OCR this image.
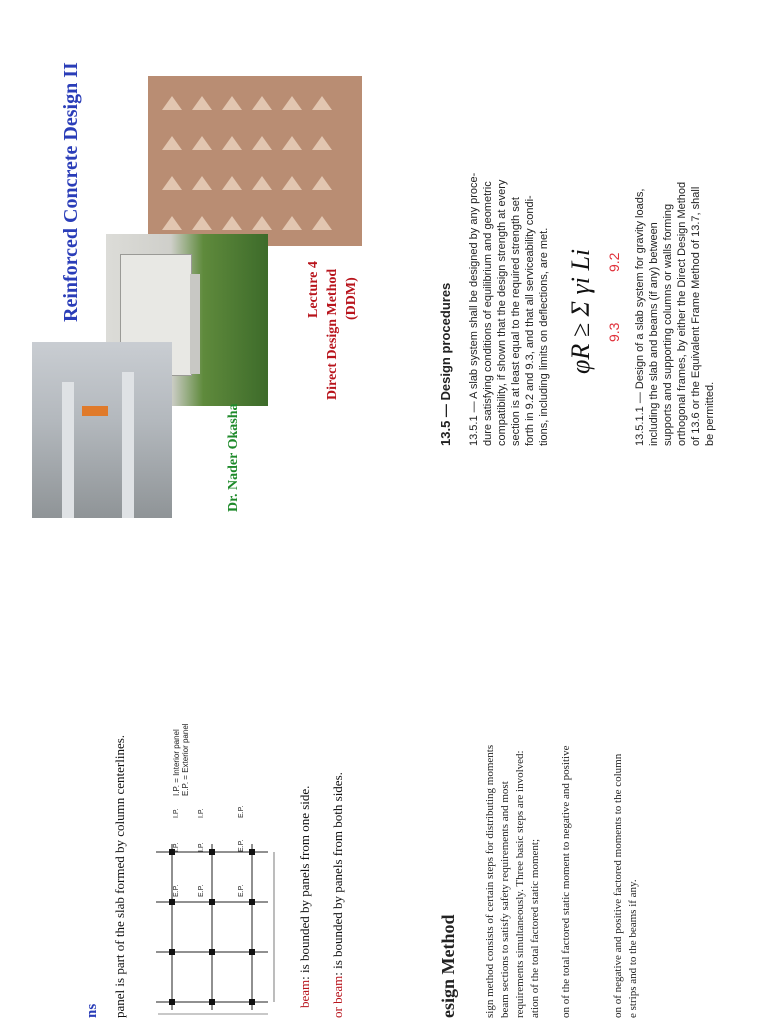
Reinforced Concrete Design II
Dr. Nader Okasha
Lecture 4 Direct Design Method (DDM)	13.5 — Design procedures 13.5.1 — A slab system shall be designed by any proce- dure satisfying conditions of equilibrium and geometric compatibility, if shown that the design strength at every section is at least equal to the required strength set forth in 9.2 and 9.3, and that all serviceability condi- tions, including limits on deflections, are met. φR ≥ Σ γi Li 9.3
9.2 13.5.1.1 — Design of a slab system for gravity loads, including the slab and beams (if any) between supports and supporting columns or walls forming orthogonal frames, by either the Direct Design Method of 13.6 or the Equivalent Frame Method of 13.7, shall be permitted.
ns panel is part of the slab formed by column centerlines.	E.P.
I.P.
I.P.
E.P.
I.P.
I.P.
E.P.
E.P.
E.P.
I.P. = Interior panel E.P. = Exterior panel
beam: is bounded by panels from one side.
or beam: is bounded by panels from both sides.	esign Method sign method consists of certain steps for distributing moments beam sections to satisfy safety requirements and most requirements simultaneously. Three basic steps are involved: ation of the total factored static moment; on of the total factored static moment to negative and positive	on of negative and positive factored moments to the column e strips and to the beams if any.
